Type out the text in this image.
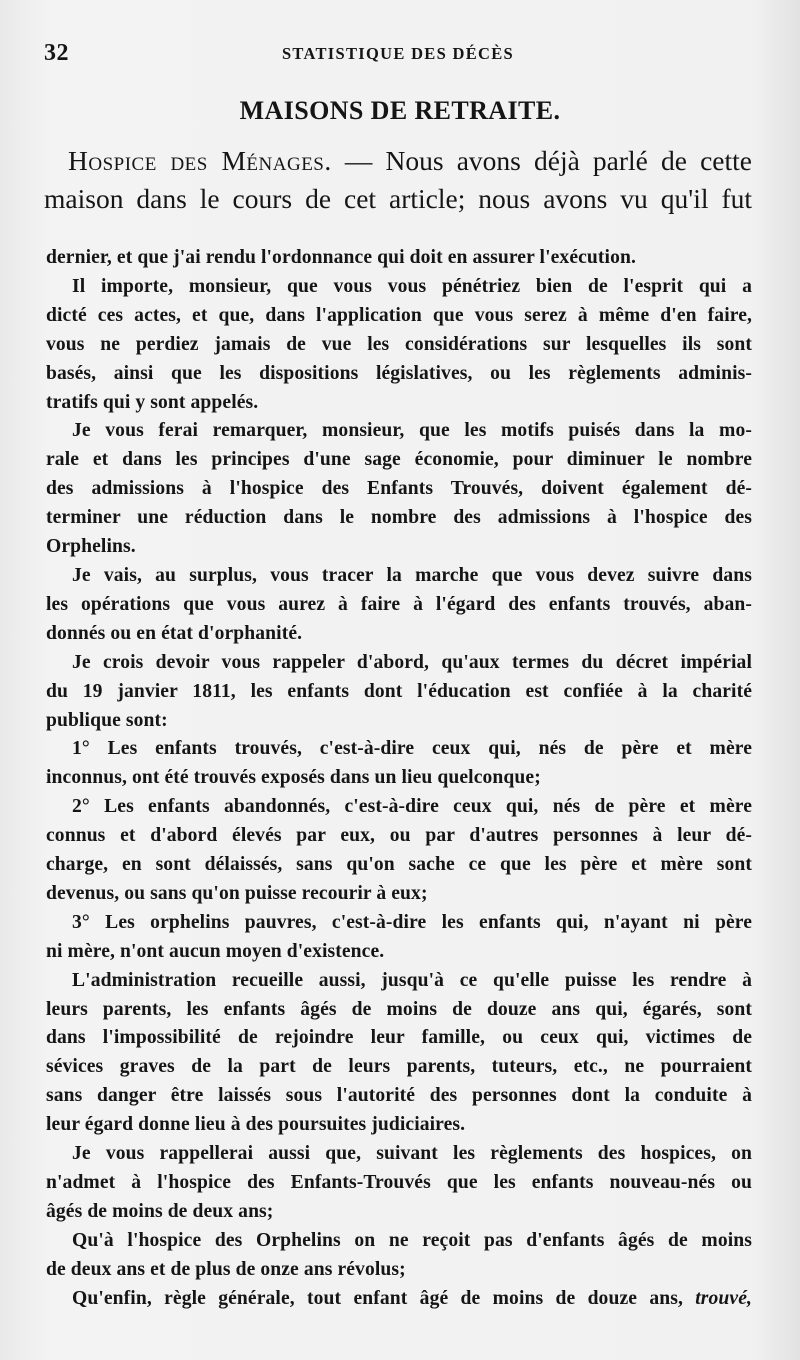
32	STATISTIQUE DES DÉCÈS
MAISONS DE RETRAITE.
Hospice des Ménages. — Nous avons déjà parlé de cette
maison dans le cours de cet article; nous avons vu qu'il fut
dernier, et que j'ai rendu l'ordonnance qui doit en assurer l'exécution.
Il importe, monsieur, que vous vous pénétriez bien de l'esprit qui a
dicté ces actes, et que, dans l'application que vous serez à même d'en faire,
vous ne perdiez jamais de vue les considérations sur lesquelles ils sont
basés, ainsi que les dispositions législatives, ou les règlements adminis-
tratifs qui y sont appelés.
Je vous ferai remarquer, monsieur, que les motifs puisés dans la mo-
rale et dans les principes d'une sage économie, pour diminuer le nombre
des admissions à l'hospice des Enfants Trouvés, doivent également dé-
terminer une réduction dans le nombre des admissions à l'hospice des
Orphelins.
Je vais, au surplus, vous tracer la marche que vous devez suivre dans
les opérations que vous aurez à faire à l'égard des enfants trouvés, aban-
donnés ou en état d'orphanité.
Je crois devoir vous rappeler d'abord, qu'aux termes du décret impérial
du 19 janvier 1811, les enfants dont l'éducation est confiée à la charité
publique sont:
1° Les enfants trouvés, c'est-à-dire ceux qui, nés de père et mère
inconnus, ont été trouvés exposés dans un lieu quelconque;
2° Les enfants abandonnés, c'est-à-dire ceux qui, nés de père et mère
connus et d'abord élevés par eux, ou par d'autres personnes à leur dé-
charge, en sont délaissés, sans qu'on sache ce que les père et mère sont
devenus, ou sans qu'on puisse recourir à eux;
3° Les orphelins pauvres, c'est-à-dire les enfants qui, n'ayant ni père
ni mère, n'ont aucun moyen d'existence.
L'administration recueille aussi, jusqu'à ce qu'elle puisse les rendre à
leurs parents, les enfants âgés de moins de douze ans qui, égarés, sont
dans l'impossibilité de rejoindre leur famille, ou ceux qui, victimes de
sévices graves de la part de leurs parents, tuteurs, etc., ne pourraient
sans danger être laissés sous l'autorité des personnes dont la conduite à
leur égard donne lieu à des poursuites judiciaires.
Je vous rappellerai aussi que, suivant les règlements des hospices, on
n'admet à l'hospice des Enfants-Trouvés que les enfants nouveau-nés ou
âgés de moins de deux ans;
Qu'à l'hospice des Orphelins on ne reçoit pas d'enfants âgés de moins
de deux ans et de plus de onze ans révolus;
Qu'enfin, règle générale, tout enfant âgé de moins de douze ans, trouvé,
